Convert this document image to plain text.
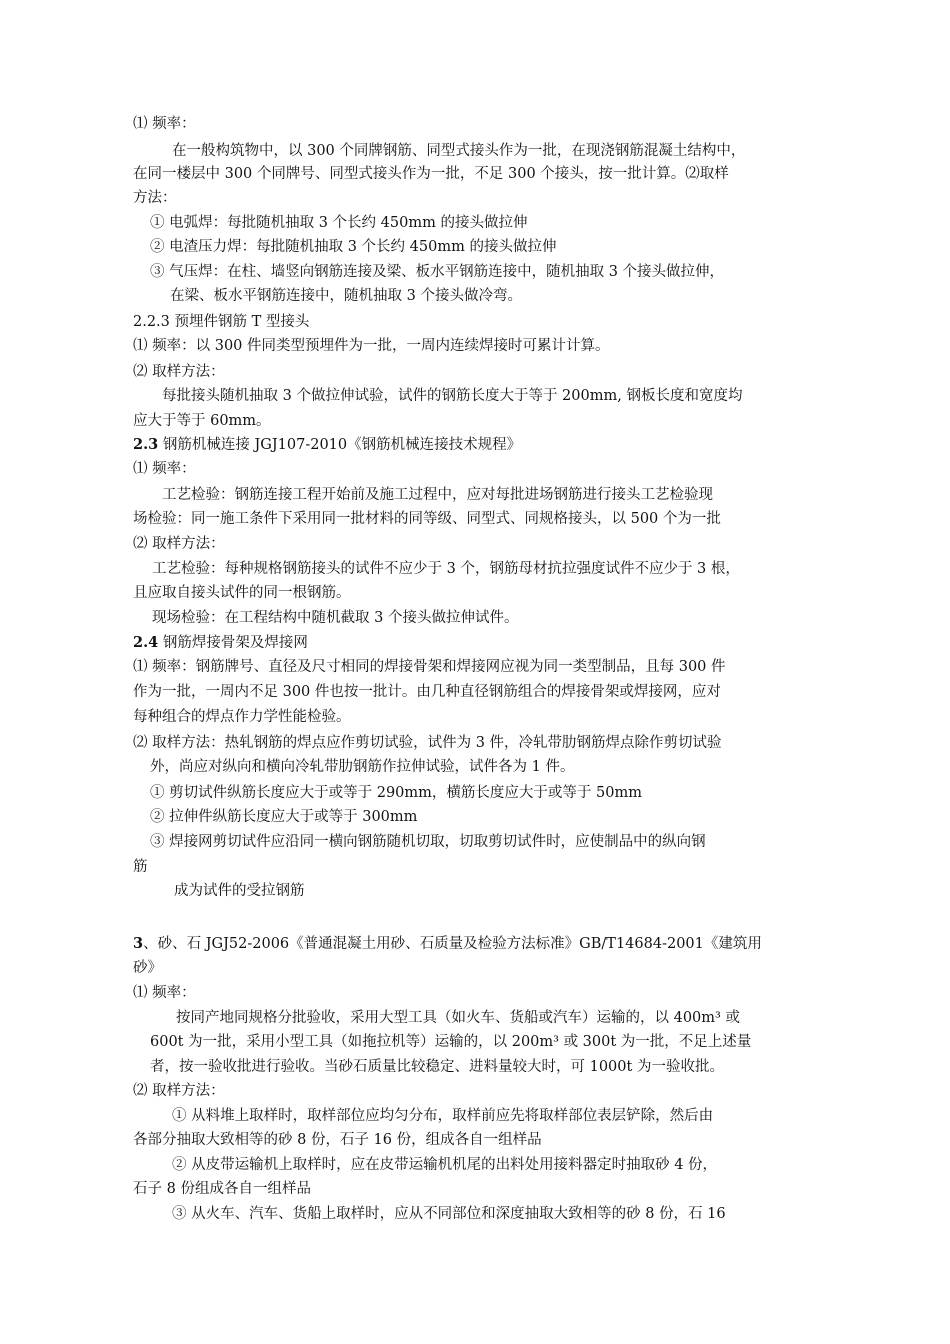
⑴ 频率：
在一般构筑物中，以 300 个同牌钢筋、同型式接头作为一批，在现浇钢筋混凝土结构中，
在同一楼层中 300 个同牌号、同型式接头作为一批，不足 300 个接头，按一批计算。⑵取样
方法：
① 电弧焊：每批随机抽取 3 个长约 450mm 的接头做拉伸
② 电渣压力焊：每批随机抽取 3 个长约 450mm 的接头做拉伸
③ 气压焊：在柱、墙竖向钢筋连接及梁、板水平钢筋连接中，随机抽取 3 个接头做拉伸，
在梁、板水平钢筋连接中，随机抽取 3 个接头做冷弯。
2.2.3 预埋件钢筋 T 型接头
⑴ 频率：以 300 件同类型预埋件为一批，一周内连续焊接时可累计计算。
⑵ 取样方法：
每批接头随机抽取 3 个做拉伸试验，试件的钢筋长度大于等于 200mm, 钢板长度和宽度均
应大于等于 60mm。
2.3 钢筋机械连接 JGJ107-2010《钢筋机械连接技术规程》
⑴ 频率：
工艺检验：钢筋连接工程开始前及施工过程中，应对每批进场钢筋进行接头工艺检验现
场检验：同一施工条件下采用同一批材料的同等级、同型式、同规格接头，以 500 个为一批
⑵ 取样方法：
工艺检验：每种规格钢筋接头的试件不应少于 3 个，钢筋母材抗拉强度试件不应少于 3 根，
且应取自接头试件的同一根钢筋。
现场检验：在工程结构中随机截取 3 个接头做拉伸试件。
2.4 钢筋焊接骨架及焊接网
⑴ 频率：钢筋牌号、直径及尺寸相同的焊接骨架和焊接网应视为同一类型制品，且每 300 件
作为一批，一周内不足 300 件也按一批计。由几种直径钢筋组合的焊接骨架或焊接网，应对
每种组合的焊点作力学性能检验。
⑵ 取样方法：热轧钢筋的焊点应作剪切试验，试件为 3 件，冷轧带肋钢筋焊点除作剪切试验
外，尚应对纵向和横向冷轧带肋钢筋作拉伸试验，试件各为 1 件。
① 剪切试件纵筋长度应大于或等于 290mm，横筋长度应大于或等于 50mm
② 拉伸件纵筋长度应大于或等于 300mm
③ 焊接网剪切试件应沿同一横向钢筋随机切取，切取剪切试件时，应使制品中的纵向钢
筋
成为试件的受拉钢筋
3、砂、石 JGJ52-2006《普通混凝土用砂、石质量及检验方法标准》GB/T14684-2001《建筑用
砂》
⑴ 频率：
按同产地同规格分批验收，采用大型工具（如火车、货船或汽车）运输的，以 400m³ 或
600t 为一批，采用小型工具（如拖拉机等）运输的，以 200m³ 或 300t 为一批，不足上述量
者，按一验收批进行验收。当砂石质量比较稳定、进料量较大时，可 1000t 为一验收批。
⑵ 取样方法：
① 从料堆上取样时，取样部位应均匀分布，取样前应先将取样部位表层铲除，然后由
各部分抽取大致相等的砂 8 份，石子 16 份，组成各自一组样品
② 从皮带运输机上取样时，应在皮带运输机机尾的出料处用接料器定时抽取砂 4 份，
石子 8 份组成各自一组样品
③ 从火车、汽车、货船上取样时，应从不同部位和深度抽取大致相等的砂 8 份，石 16
